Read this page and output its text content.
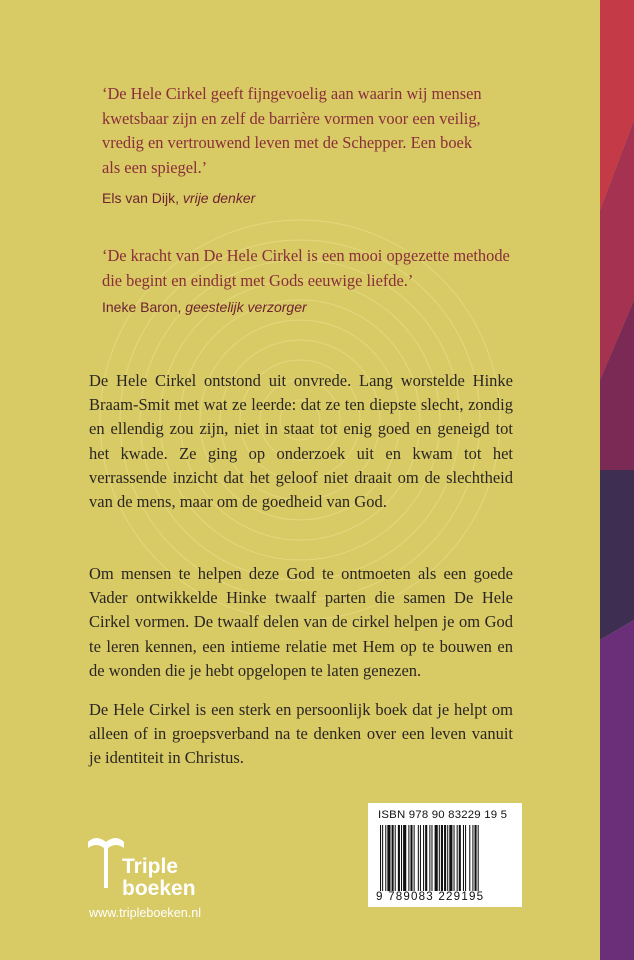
‘De Hele Cirkel geeft fijngevoelig aan waarin wij mensen
kwetsbaar zijn en zelf de barrière vormen voor een veilig,
vredig en vertrouwend leven met de Schepper. Een boek
als een spiegel.’

Els van Dijk, vrije denker

‘De kracht van De Hele Cirkel is een mooi opgezette methode
die begint en eindigt met Gods eeuwige liefde.’

Ineke Baron, geestelijk verzorger

De Hele Cirkel ontstond uit onvrede. Lang worstelde Hinke Braam-Smit met wat ze leerde: dat ze ten diepste slecht, zondig en ellendig zou zijn, niet in staat tot enig goed en geneigd tot het kwade. Ze ging op onderzoek uit en kwam tot het verrassende inzicht dat het geloof niet draait om de slechtheid van de mens, maar om de goedheid van God.

Om mensen te helpen deze God te ontmoeten als een goede Vader ontwikkelde Hinke twaalf parten die samen De Hele Cirkel vormen. De twaalf delen van de cirkel helpen je om God te leren kennen, een intieme relatie met Hem op te bouwen en de wonden die je hebt opgelopen te laten genezen.

De Hele Cirkel is een sterk en persoonlijk boek dat je helpt om alleen of in groepsverband na te denken over een leven vanuit je identiteit in Christus.

Triple
boeken
www.tripleboeken.nl
ISBN 978 90 83229 19 5
9 789083 229195
